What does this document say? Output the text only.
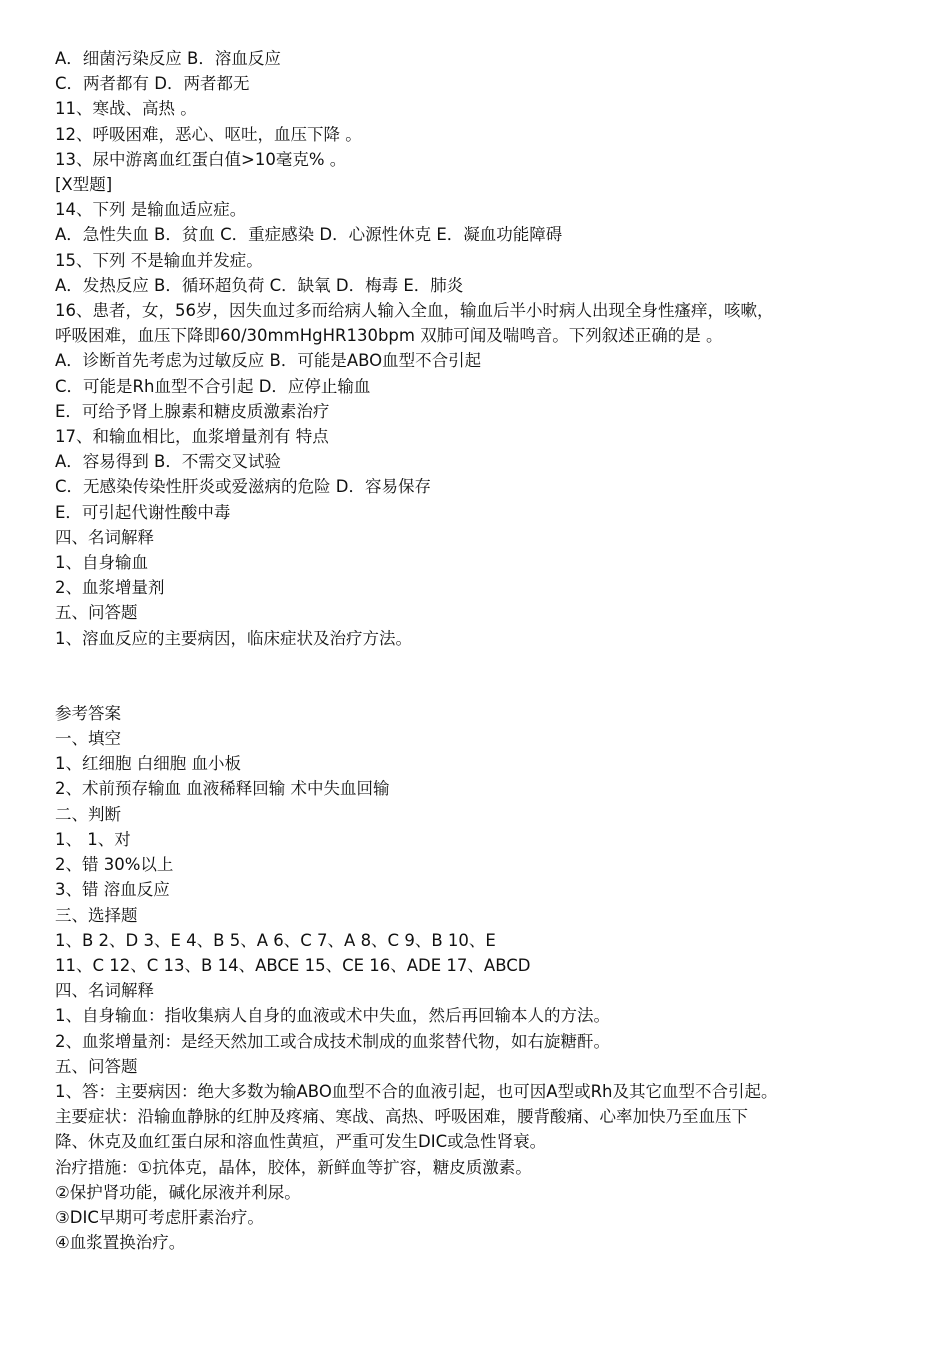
A．细菌污染反应 B．溶血反应

C．两者都有 D．两者都无

11、寒战、高热 。

12、呼吸困难，恶心、呕吐，血压下降 。

13、尿中游离血红蛋白值>10毫克% 。

[X型题]

14、下列 是输血适应症。

A．急性失血 B．贫血 C．重症感染 D．心源性休克 E．凝血功能障碍

15、下列 不是输血并发症。

A．发热反应 B．循环超负荷 C．缺氧 D．梅毒 E．肺炎

16、患者，女，56岁，因失血过多而给病人输入全血，输血后半小时病人出现全身性瘙痒，咳嗽，

呼吸困难，血压下降即60/30mmHgHR130bpm 双肺可闻及喘鸣音。下列叙述正确的是 。

A．诊断首先考虑为过敏反应 B．可能是ABO血型不合引起

C．可能是Rh血型不合引起 D．应停止输血

E．可给予肾上腺素和糖皮质激素治疗

17、和输血相比，血浆增量剂有 特点

A．容易得到 B．不需交叉试验

C．无感染传染性肝炎或爱滋病的危险 D．容易保存

E．可引起代谢性酸中毒

四、名词解释

1、自身输血

2、血浆增量剂

五、问答题

1、溶血反应的主要病因，临床症状及治疗方法。

参考答案

一、填空

1、红细胞 白细胞 血小板

2、术前预存输血 血液稀释回输 术中失血回输

二、判断

1、 1、对

2、错 30%以上

3、错 溶血反应

三、选择题

1、B 2、D 3、E 4、B 5、A 6、C 7、A 8、C 9、B 10、E

11、C 12、C 13、B 14、ABCE 15、CE 16、ADE 17、ABCD

四、名词解释

1、自身输血：指收集病人自身的血液或术中失血，然后再回输本人的方法。

2、血浆增量剂：是经天然加工或合成技术制成的血浆替代物，如右旋糖酐。

五、问答题

1、答：主要病因：绝大多数为输ABO血型不合的血液引起，也可因A型或Rh及其它血型不合引起。

主要症状：沿输血静脉的红肿及疼痛、寒战、高热、呼吸困难，腰背酸痛、心率加快乃至血压下

降、休克及血红蛋白尿和溶血性黄疸，严重可发生DIC或急性肾衰。

治疗措施：①抗体克，晶体，胶体，新鲜血等扩容，糖皮质激素。

②保护肾功能，碱化尿液并利尿。

③DIC早期可考虑肝素治疗。

④血浆置换治疗。
